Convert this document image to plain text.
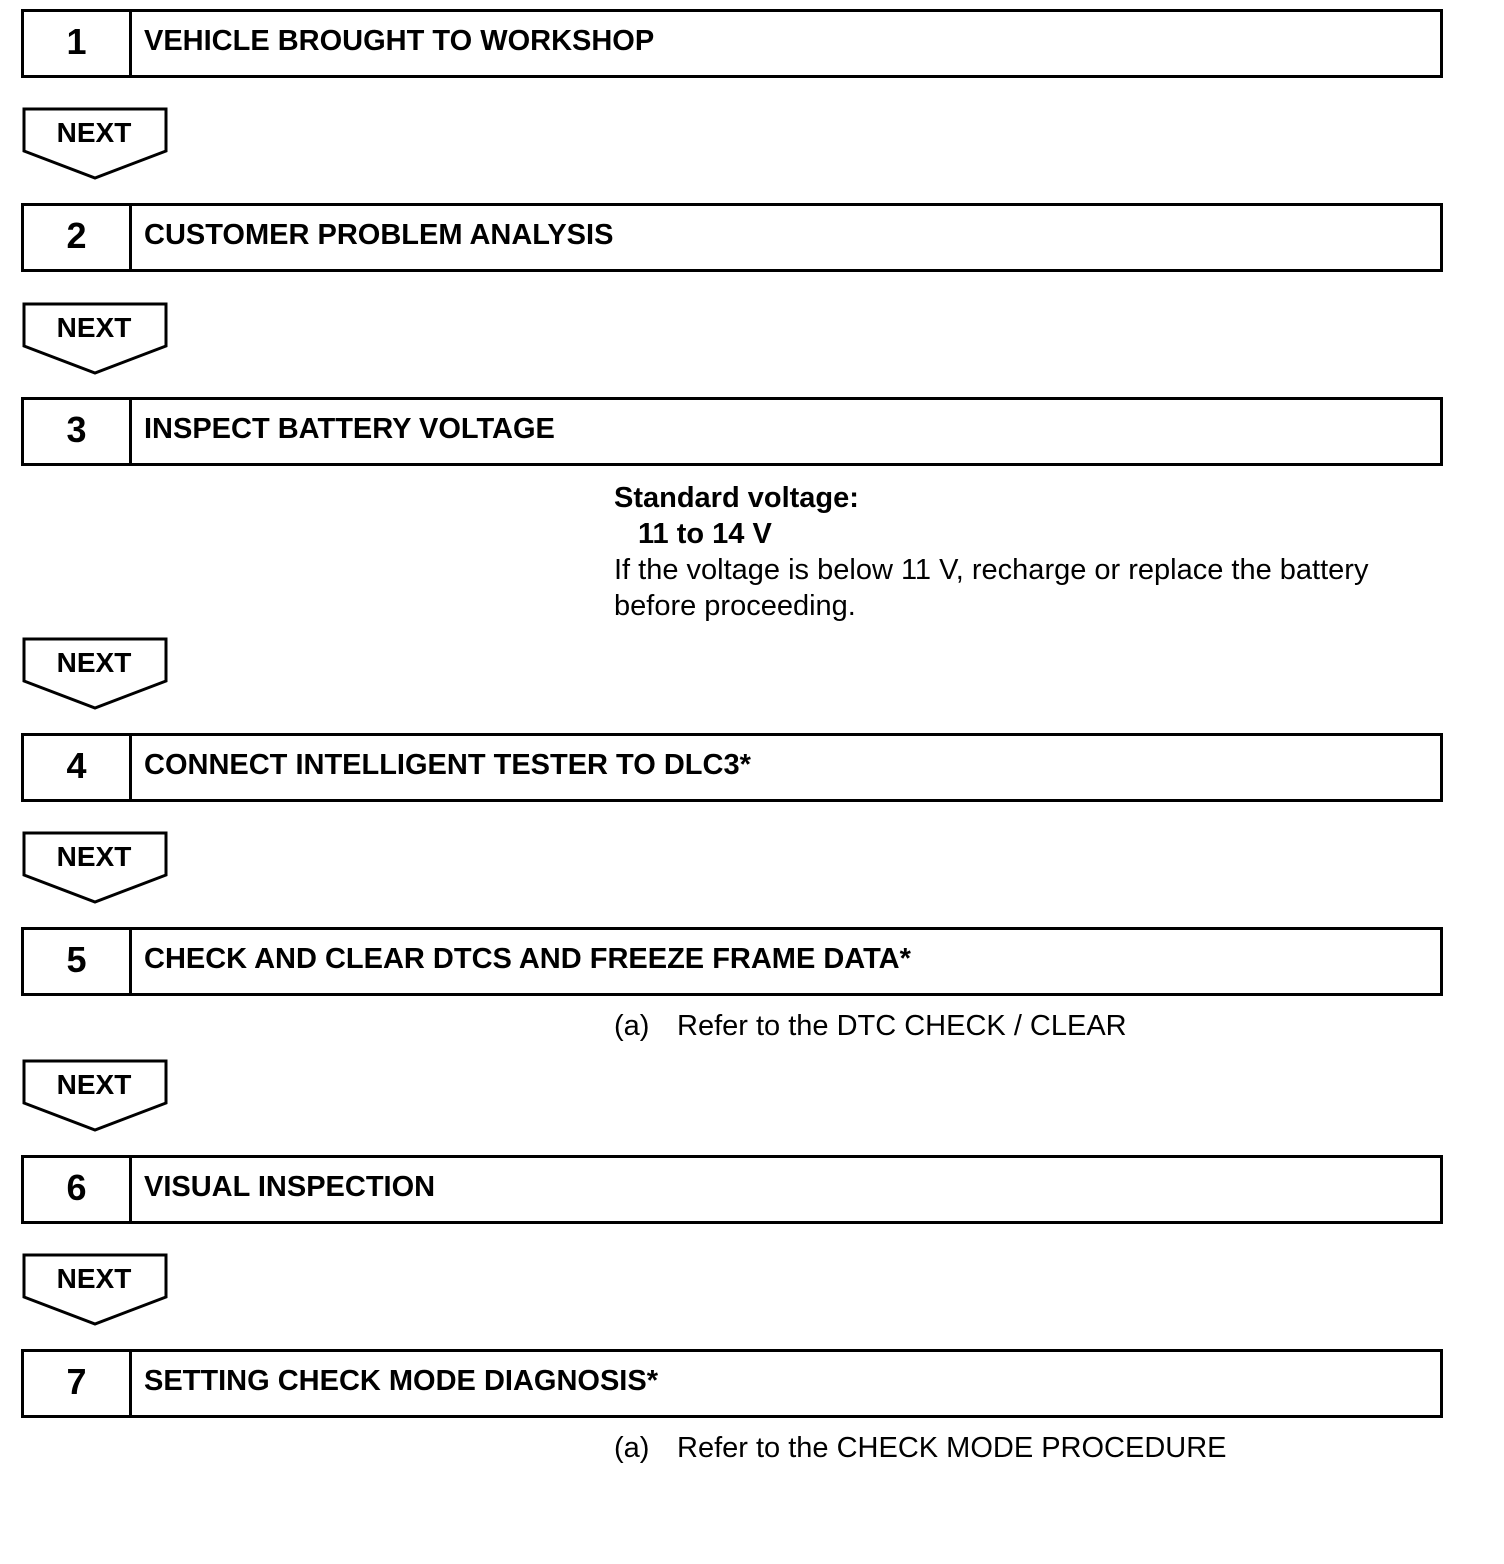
1	VEHICLE BROUGHT TO WORKSHOP
NEXT
2	CUSTOMER PROBLEM ANALYSIS
NEXT
3	INSPECT BATTERY VOLTAGE
Standard voltage:
11 to 14 V
If the voltage is below 11 V, recharge or replace the battery
before proceeding.
NEXT
4	CONNECT INTELLIGENT TESTER TO DLC3*
NEXT
5	CHECK AND CLEAR DTCS AND FREEZE FRAME DATA*
(a) Refer to the DTC CHECK / CLEAR
NEXT
6	VISUAL INSPECTION
NEXT
7	SETTING CHECK MODE DIAGNOSIS*
(a) Refer to the CHECK MODE PROCEDURE
